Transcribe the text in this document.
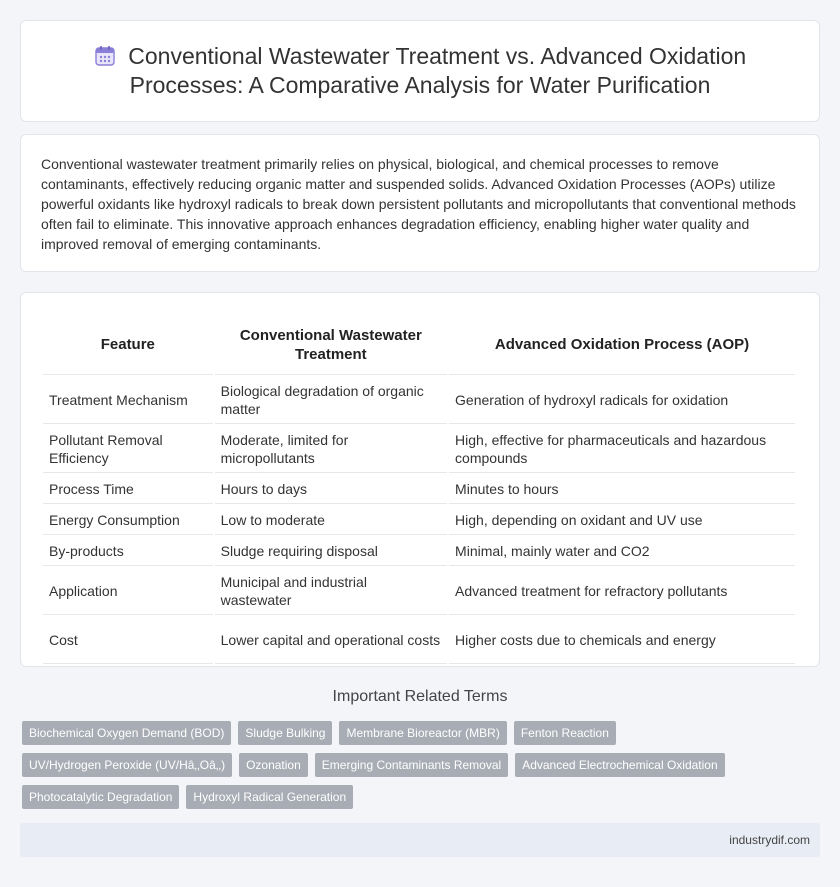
Conventional Wastewater Treatment vs. Advanced Oxidation Processes: A Comparative Analysis for Water Purification

Conventional wastewater treatment primarily relies on physical, biological, and chemical processes to remove contaminants, effectively reducing organic matter and suspended solids. Advanced Oxidation Processes (AOPs) utilize powerful oxidants like hydroxyl radicals to break down persistent pollutants and micropollutants that conventional methods often fail to eliminate. This innovative approach enhances degradation efficiency, enabling higher water quality and improved removal of emerging contaminants.

Feature	Conventional Wastewater Treatment	Advanced Oxidation Process (AOP)
Treatment Mechanism	Biological degradation of organic matter	Generation of hydroxyl radicals for oxidation
Pollutant Removal Efficiency	Moderate, limited for micropollutants	High, effective for pharmaceuticals and hazardous compounds
Process Time	Hours to days	Minutes to hours
Energy Consumption	Low to moderate	High, depending on oxidant and UV use
By-products	Sludge requiring disposal	Minimal, mainly water and CO2
Application	Municipal and industrial wastewater	Advanced treatment for refractory pollutants
Cost	Lower capital and operational costs	Higher costs due to chemicals and energy
Important Related Terms
Biochemical Oxygen Demand (BOD)	Sludge Bulking	Membrane Bioreactor (MBR)	Fenton Reaction
UV/Hydrogen Peroxide (UV/Hâ‚‚Oâ‚‚)	Ozonation	Emerging Contaminants Removal	Advanced Electrochemical Oxidation
Photocatalytic Degradation	Hydroxyl Radical Generation
industrydif.com
